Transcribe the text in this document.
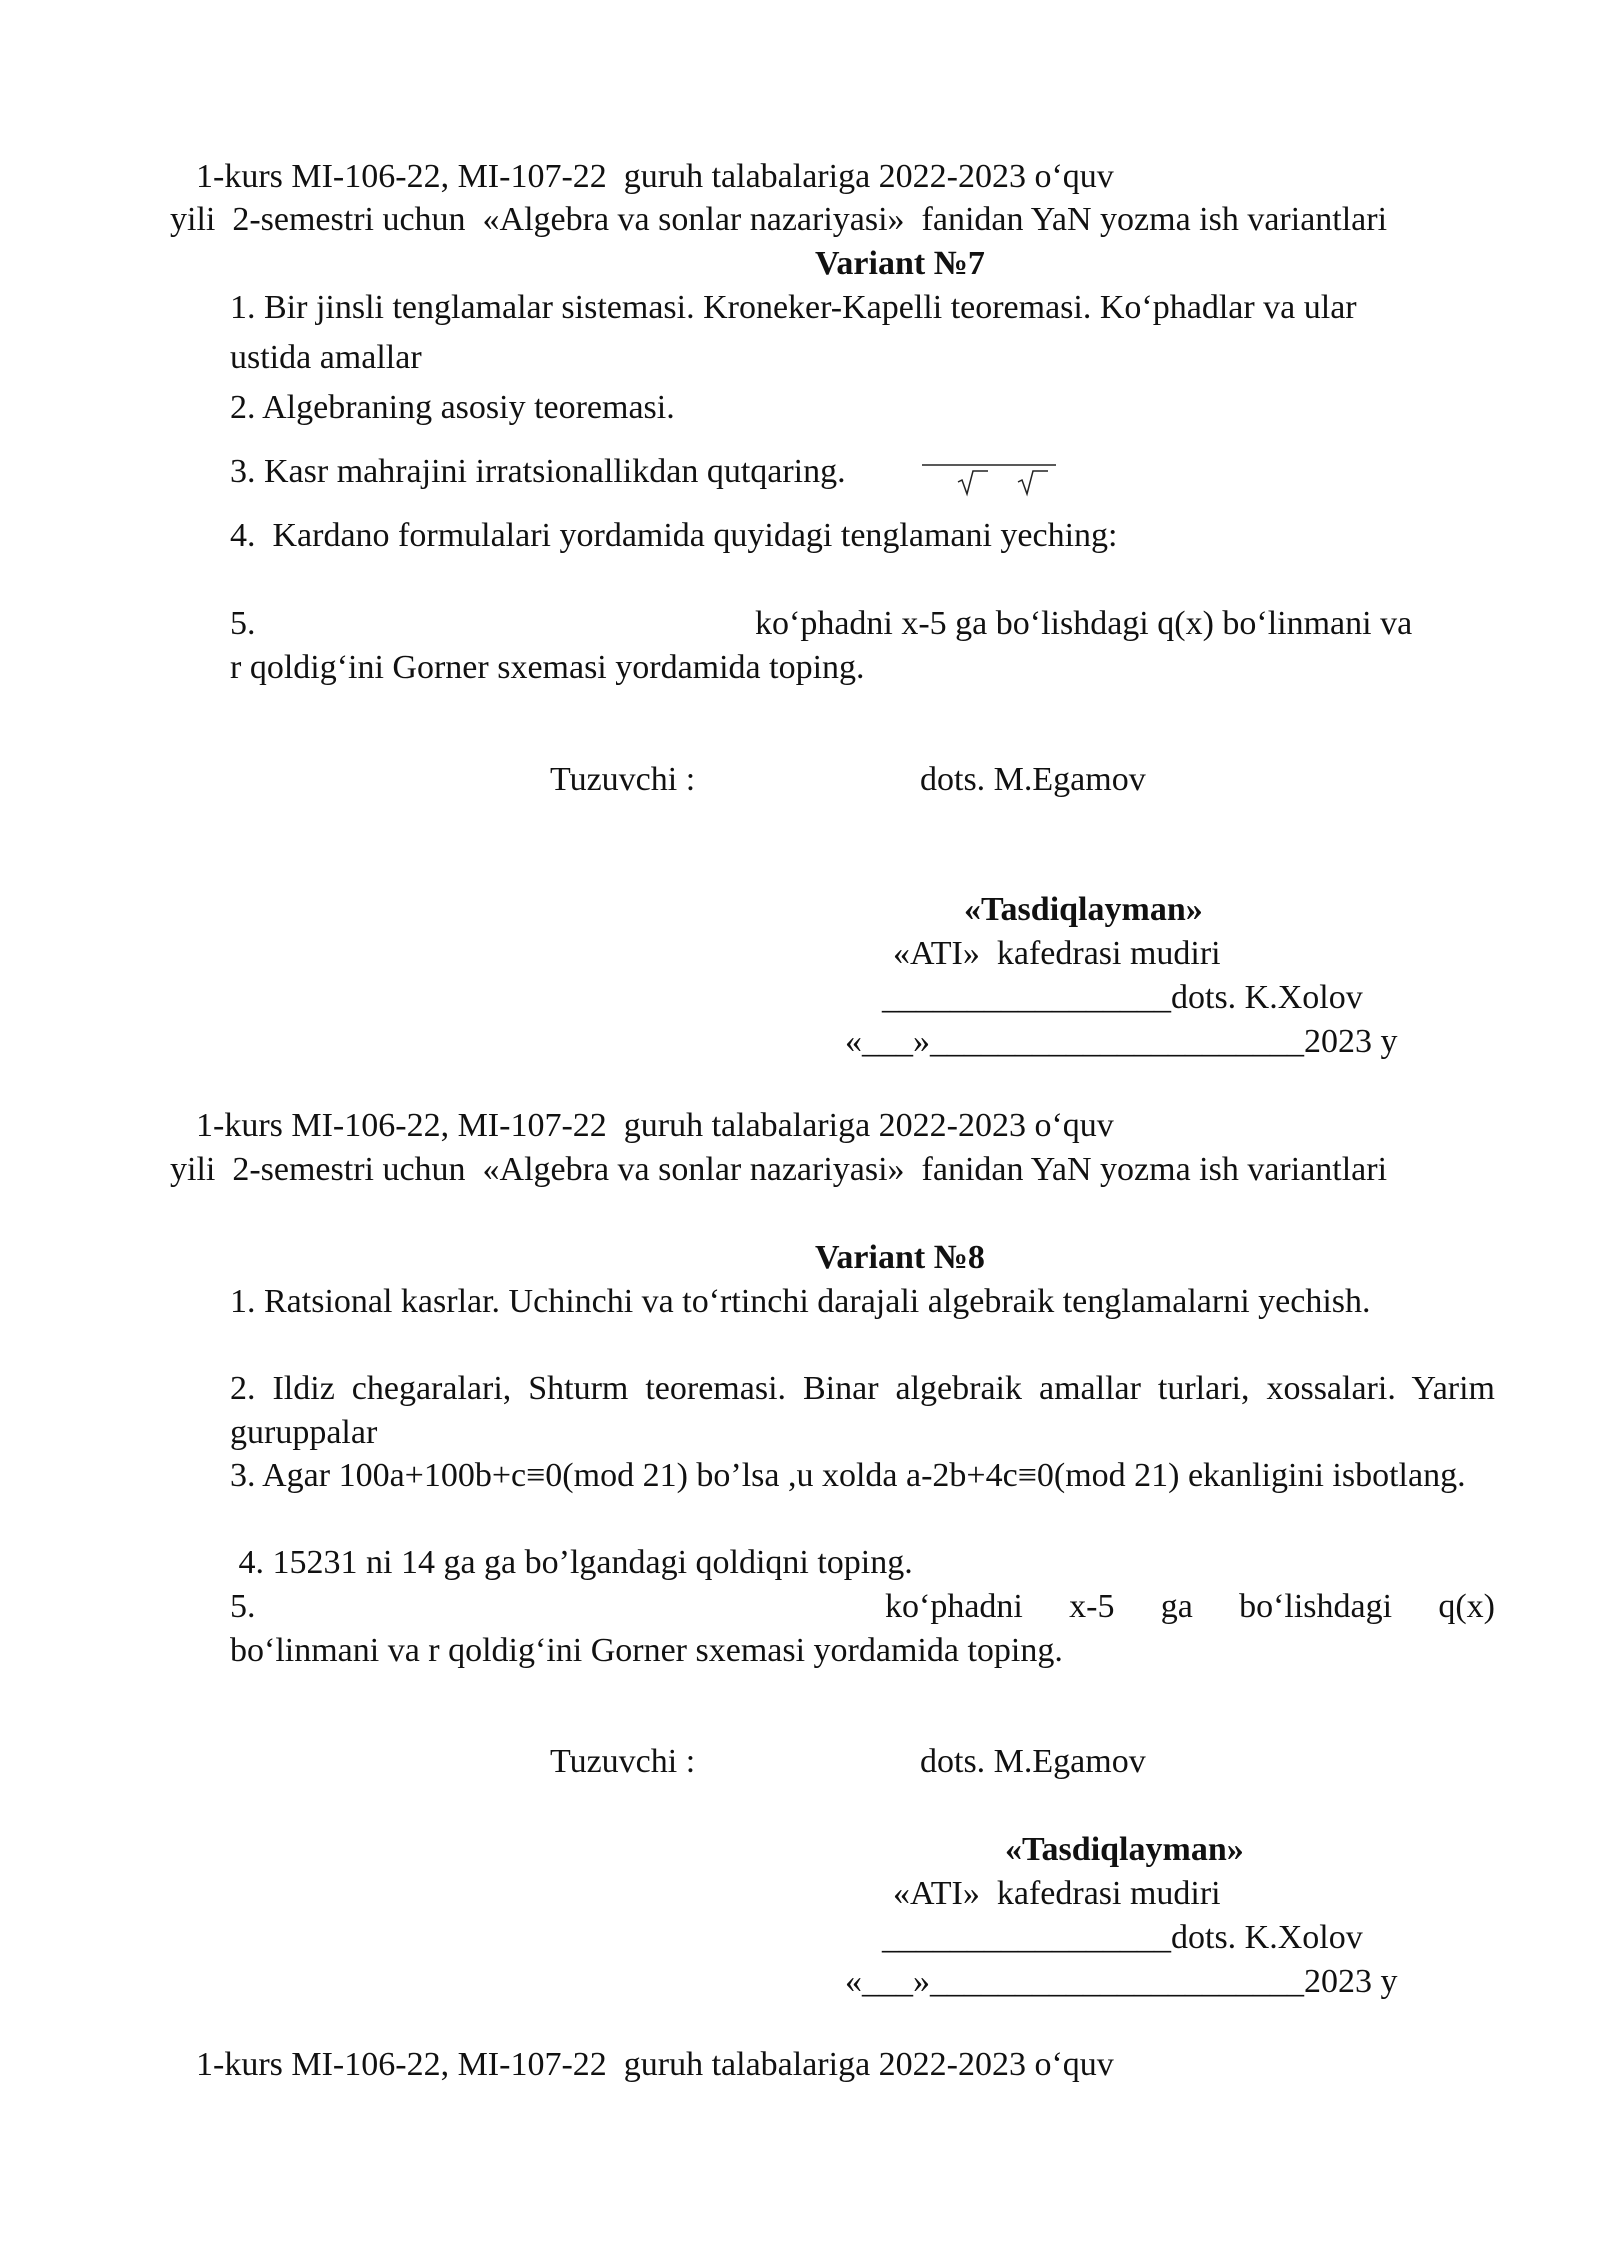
1-kurs MI-106-22, MI-107-22  guruh talabalariga 2022-2023 o‘quv
yili  2-semestri uchun  «Algebra va sonlar nazariyasi»  fanidan YaN yozma ish variantlari
Variant №7
1. Bir jinsli tenglamalar sistemasi. Kroneker-Kapelli teoremasi. Ko‘phadlar va ular
ustida amallar
2. Algebraning asosiy teoremasi.
3. Kasr mahrajini irratsionallikdan qutqaring.
4.  Kardano formulalari yordamida quyidagi tenglamani yeching:
5.	ko‘phadni x-5 ga bo‘lishdagi q(x) bo‘linmani va
r qoldig‘ini Gorner sxemasi yordamida toping.
Tuzuvchi :	dots. M.Egamov
«Tasdiqlayman»
«ATI»  kafedrasi mudiri
_________________dots. K.Xolov
«___»______________________2023 y
1-kurs MI-106-22, MI-107-22  guruh talabalariga 2022-2023 o‘quv
yili  2-semestri uchun  «Algebra va sonlar nazariyasi»  fanidan YaN yozma ish variantlari
Variant №8
1. Ratsional kasrlar. Uchinchi va to‘rtinchi darajali algebraik tenglamalarni yechish.
2. Ildiz chegaralari, Shturm teoremasi. Binar algebraik amallar turlari, xossalari. Yarim guruppalar
3. Agar 100a+100b+c≡0(mod 21) bo’lsa ,u xolda a-2b+4c≡0(mod 21) ekanligini isbotlang.
4. 15231 ni 14 ga ga bo’lgandagi qoldiqni toping.
5.	ko‘phadni x-5 ga bo‘lishdagi q(x)
bo‘linmani va r qoldig‘ini Gorner sxemasi yordamida toping.
Tuzuvchi :	dots. M.Egamov
«Tasdiqlayman»
«ATI»  kafedrasi mudiri
_________________dots. K.Xolov
«___»______________________2023 y
1-kurs MI-106-22, MI-107-22  guruh talabalariga 2022-2023 o‘quv
